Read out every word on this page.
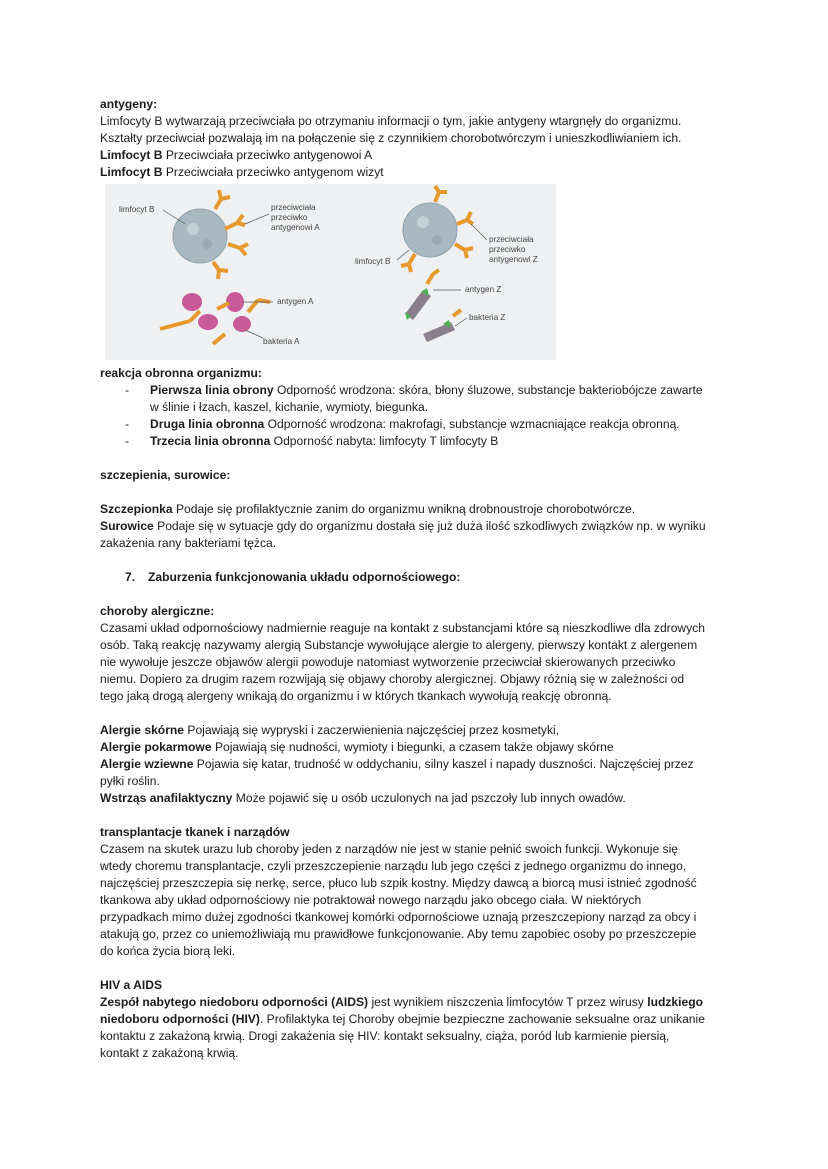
antygeny:

Limfocyty B wytwarzają przeciwciała po otrzymaniu informacji o tym, jakie antygeny wtargnęły do organizmu.

Kształty przeciwciał pozwalają im na połączenie się z czynnikiem chorobotwórczym i unieszkodliwianiem ich.

Limfocyt B Przeciwciała przeciwko antygenowoi A

Limfocyt B Przeciwciała przeciwko antygenom wizyt

limfocyt B	przeciwciała
przeciwko
antygenowi A
antygen A
bakteria A
limfocyt B
przeciwciała
przeciwko
antygenowi Z
antygen Z
bakteria Z

reakcja obronna organizmu:

- Pierwsza linia obrony Odporność wrodzona: skóra, błony śluzowe, substancje bakteriobójcze zawarte
w ślinie i łzach, kaszel, kichanie, wymioty, biegunka.
- Druga linia obronna Odporność wrodzona: makrofagi, substancje wzmacniające reakcja obronną.
- Trzecia linia obronna Odporność nabyta: limfocyty T limfocyty B

szczepienia, surowice:

Szczepionka Podaje się profilaktycznie zanim do organizmu wnikną drobnoustroje chorobotwórcze.

Surowice Podaje się w sytuacje gdy do organizmu dostała się już duża ilość szkodliwych związków np. w wyniku

zakażenia rany bakteriami tężca.

7. Zaburzenia funkcjonowania układu odpornościowego:

choroby alergiczne:

Czasami układ odpornościowy nadmiernie reaguje na kontakt z substancjami które są nieszkodliwe dla zdrowych

osób. Taką reakcję nazywamy alergią Substancje wywołujące alergie to alergeny, pierwszy kontakt z alergenem

nie wywołuje jeszcze objawów alergii powoduje natomiast wytworzenie przeciwciał skierowanych przeciwko

niemu. Dopiero za drugim razem rozwijają się objawy choroby alergicznej. Objawy różnią się w zależności od

tego jaką drogą alergeny wnikają do organizmu i w których tkankach wywołują reakcję obronną.

Alergie skórne Pojawiają się wypryski i zaczerwienienia najczęściej przez kosmetyki,

Alergie pokarmowe Pojawiają się nudności, wymioty i biegunki, a czasem także objawy skórne

Alergie wziewne Pojawia się katar, trudność w oddychaniu, silny kaszel i napady duszności. Najczęściej przez

pyłki roślin.

Wstrząs anafilaktyczny Może pojawić się u osób uczulonych na jad pszczoły lub innych owadów.

transplantacje tkanek i narządów

Czasem na skutek urazu lub choroby jeden z narządów nie jest w stanie pełnić swoich funkcji. Wykonuje się

wtedy choremu transplantacje, czyli przeszczepienie narządu lub jego części z jednego organizmu do innego,

najczęściej przeszczepia się nerkę, serce, płuco lub szpik kostny. Między dawcą a biorcą musi istnieć zgodność

tkankowa aby układ odpornościowy nie potraktował nowego narządu jako obcego ciała. W niektórych

przypadkach mimo dużej zgodności tkankowej komórki odpornościowe uznają przeszczepiony narząd za obcy i

atakują go, przez co uniemożliwiają mu prawidłowe funkcjonowanie. Aby temu zapobiec osoby po przeszczepie

do końca życia biorą leki.

HIV a AIDS

Zespół nabytego niedoboru odporności (AIDS) jest wynikiem niszczenia limfocytów T przez wirusy ludzkiego

niedoboru odporności (HIV). Profilaktyka tej Choroby obejmie bezpieczne zachowanie seksualne oraz unikanie

kontaktu z zakażoną krwią. Drogi zakażenia się HIV: kontakt seksualny, ciąża, poród lub karmienie piersią,

kontakt z zakażoną krwią.
